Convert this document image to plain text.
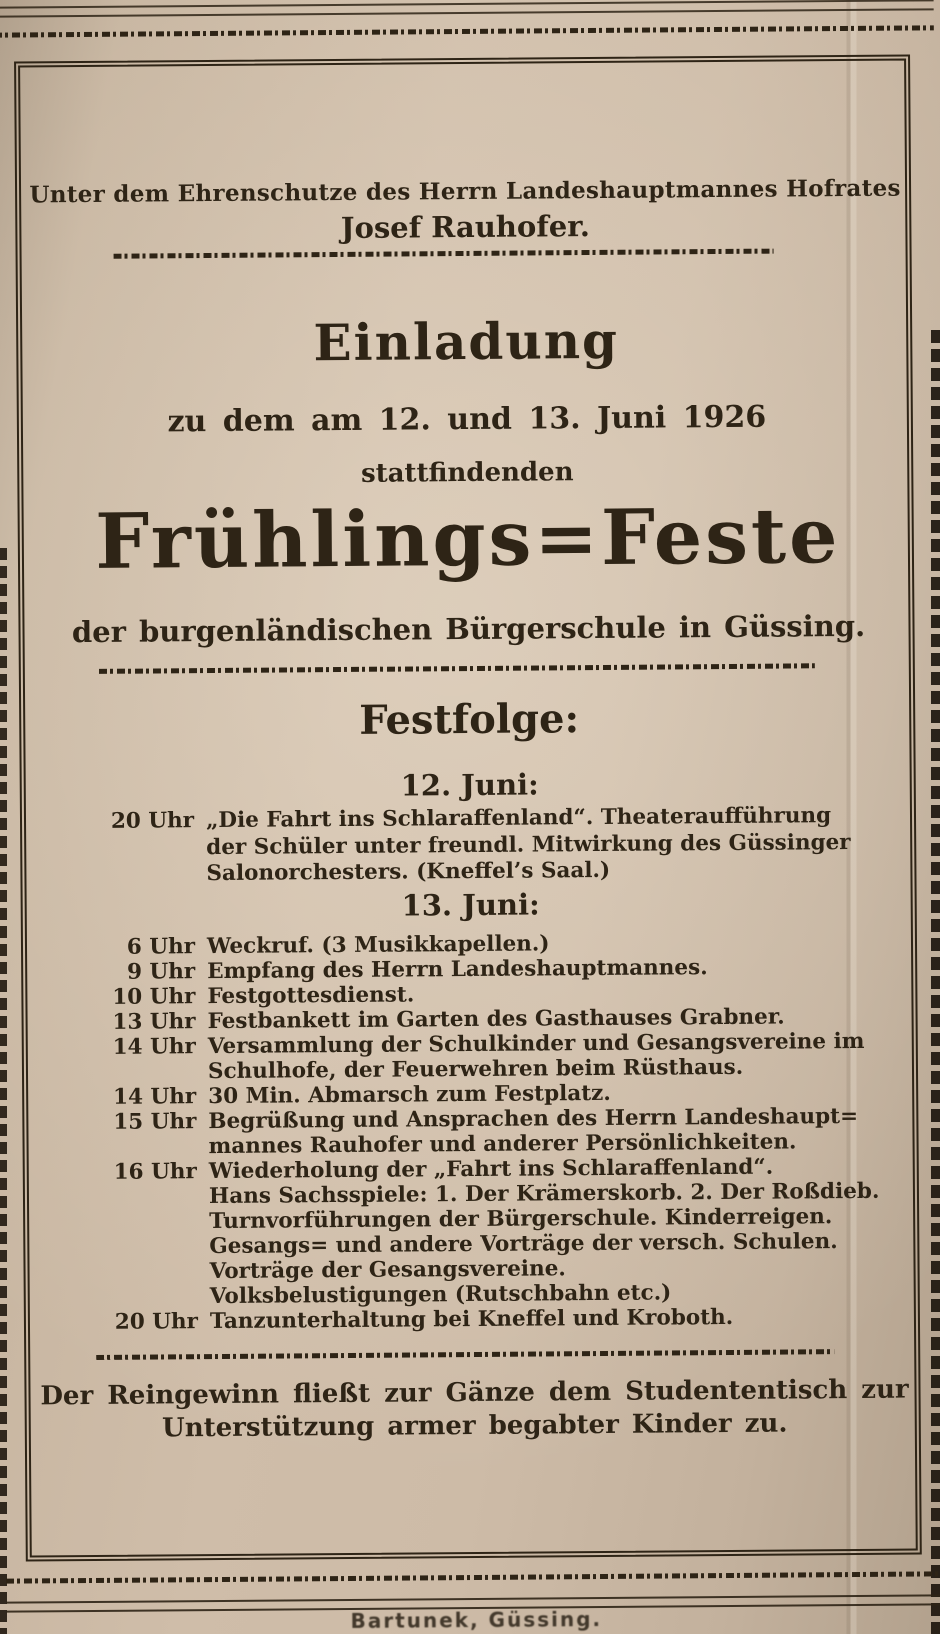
Unter dem Ehrenschutze des Herrn Landeshauptmannes Hofrates
Josef Rauhofer.
Einladung
zu dem am 12. und 13. Juni 1926
stattfindenden
Frühlings=Feste
der burgenländischen Bürgerschule in Güssing.
Festfolge:
12. Juni:
20 Uhr „Die Fahrt ins Schlaraffenland“. Theateraufführung
der Schüler unter freundl. Mitwirkung des Güssinger
Salonorchesters. (Kneffel’s Saal.)
13. Juni:
6 Uhr Weckruf. (3 Musikkapellen.)
9 Uhr Empfang des Herrn Landeshauptmannes.
10 Uhr Festgottesdienst.
13 Uhr Festbankett im Garten des Gasthauses Grabner.
14 Uhr Versammlung der Schulkinder und Gesangsvereine im
Schulhofe, der Feuerwehren beim Rüsthaus.
14 Uhr 30 Min. Abmarsch zum Festplatz.
15 Uhr Begrüßung und Ansprachen des Herrn Landeshaupt=
mannes Rauhofer und anderer Persönlichkeiten.
16 Uhr Wiederholung der „Fahrt ins Schlaraffenland“.
Hans Sachsspiele: 1. Der Krämerskorb. 2. Der Roßdieb.
Turnvorführungen der Bürgerschule. Kinderreigen.
Gesangs= und andere Vorträge der versch. Schulen.
Vorträge der Gesangsvereine.
Volksbelustigungen (Rutschbahn etc.)
20 Uhr Tanzunterhaltung bei Kneffel und Kroboth.
Der Reingewinn fließt zur Gänze dem Studententisch zur
Unterstützung armer begabter Kinder zu.
Bartunek, Güssing.
